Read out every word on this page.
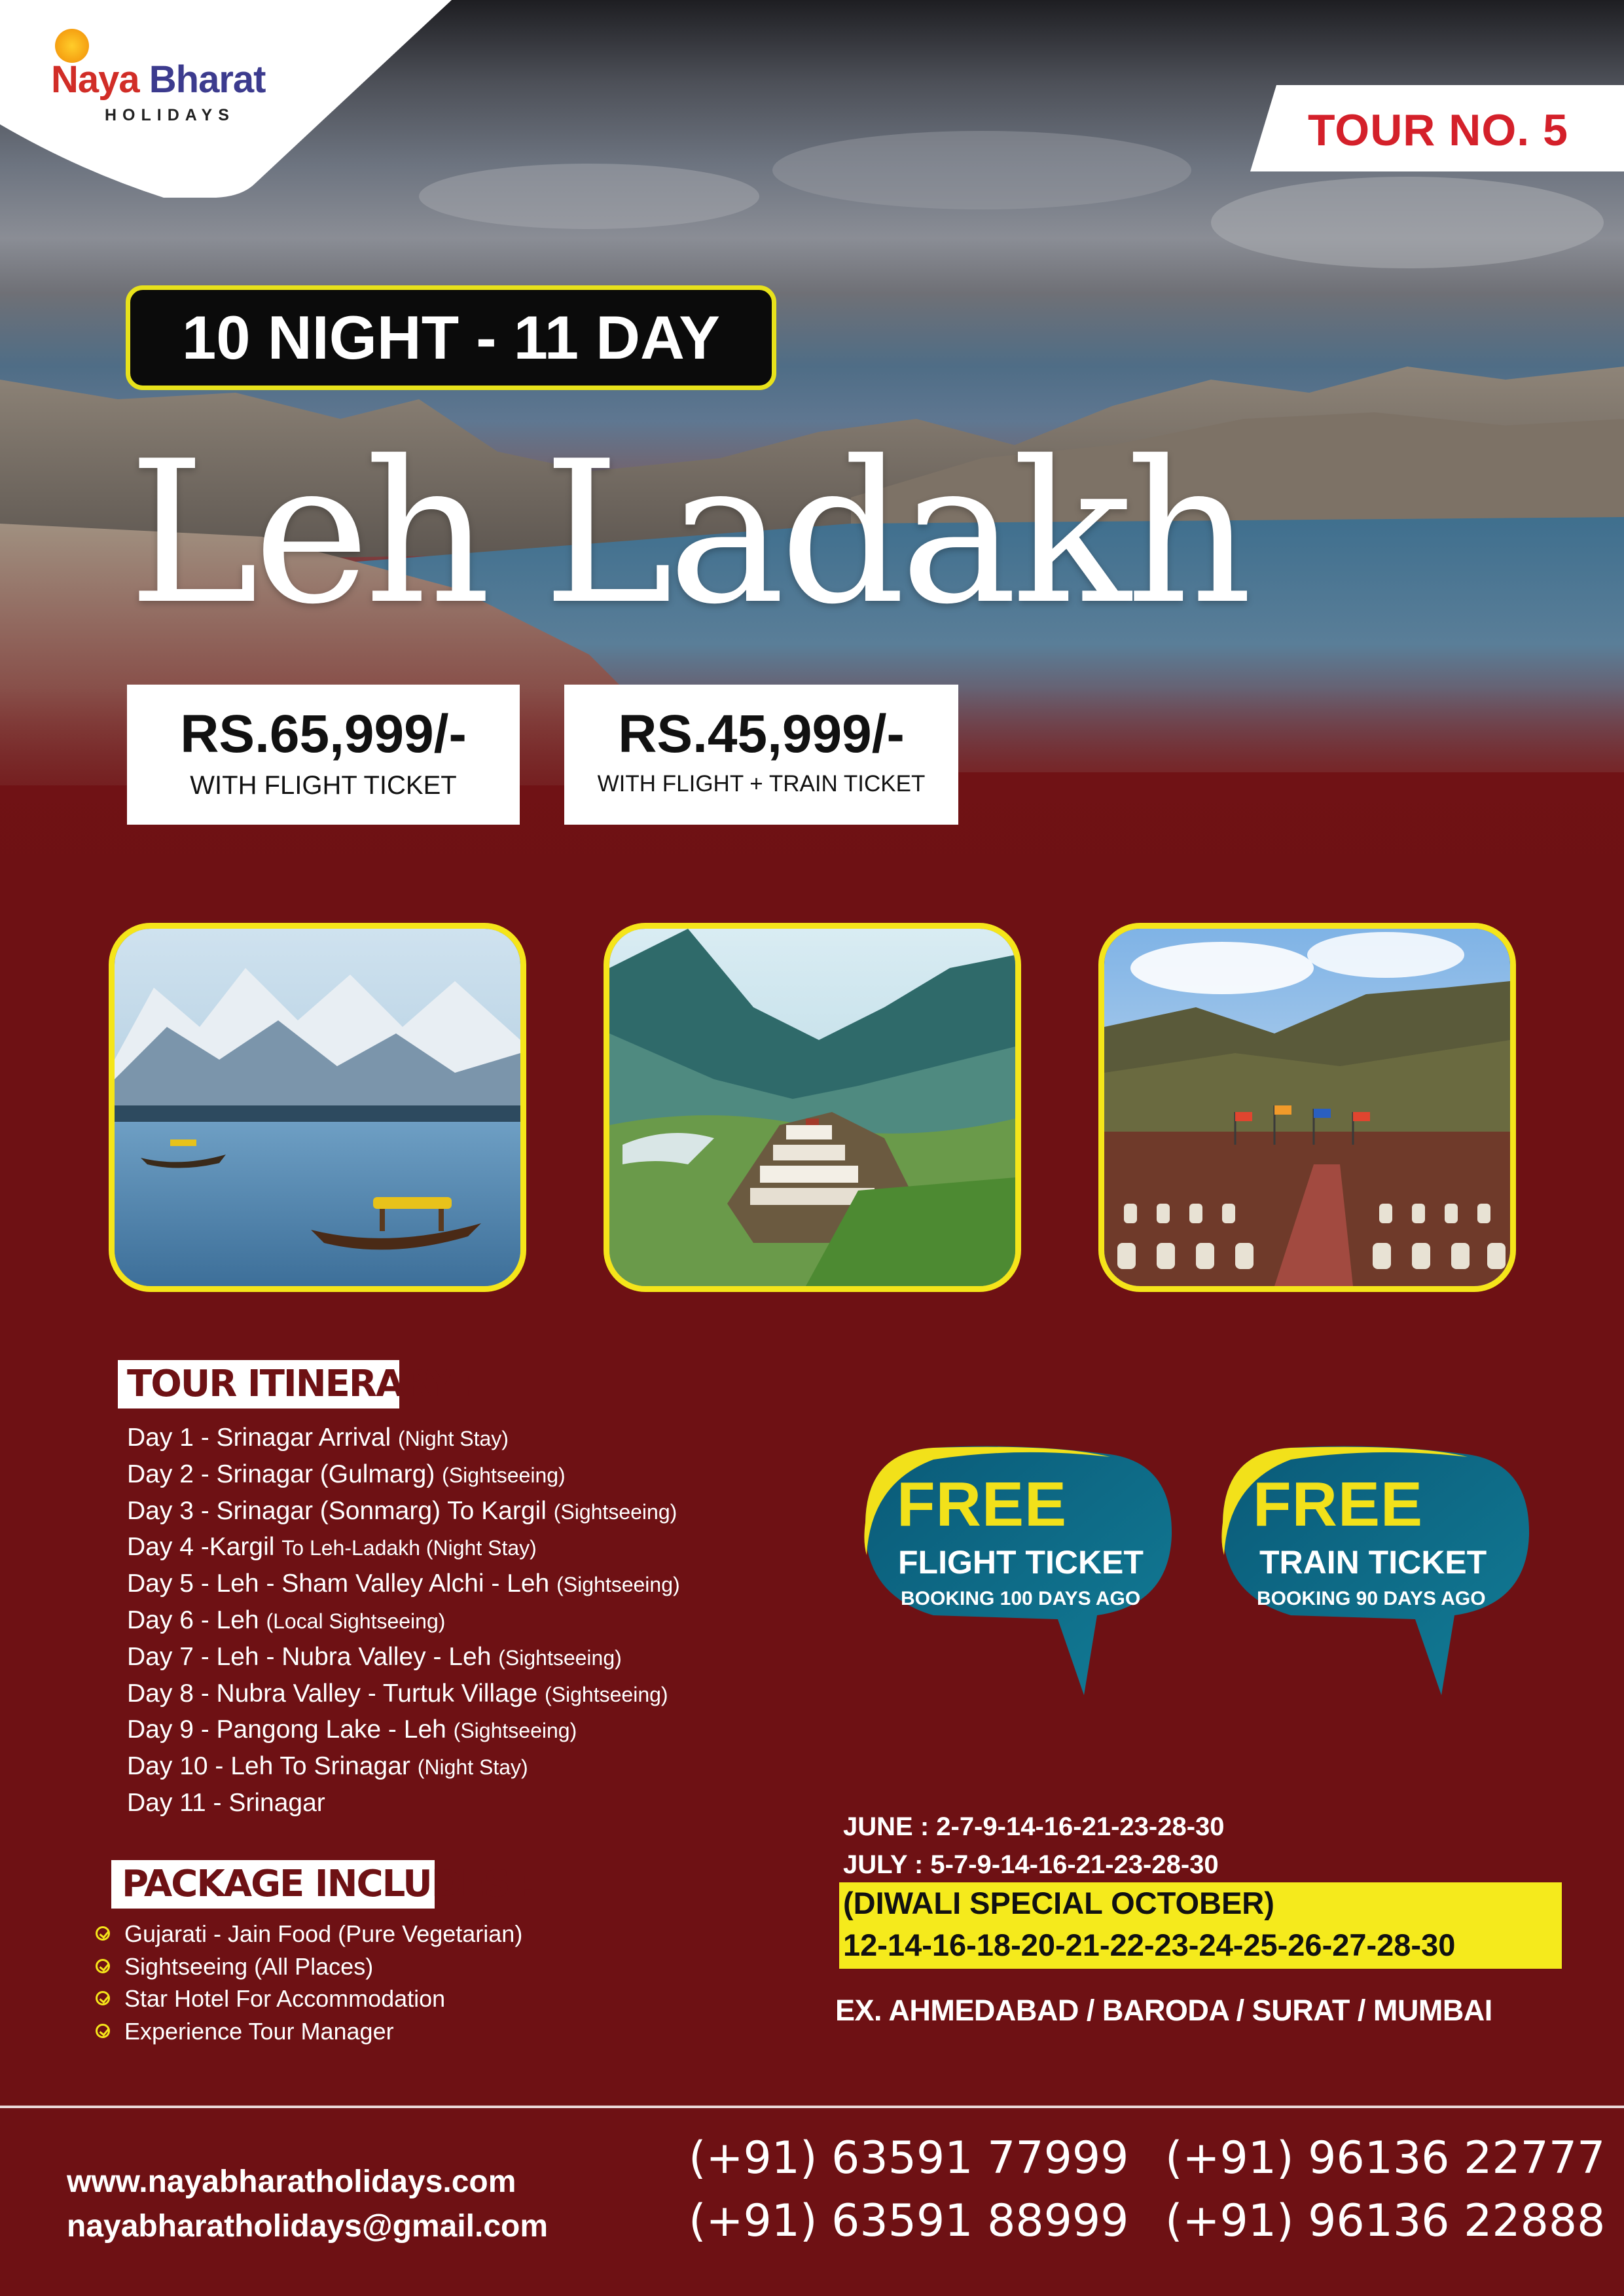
Naya Bharat
HOLIDAYS	TOUR NO. 5
10 NIGHT - 11 DAY
Leh Ladakh
RS.65,999/-
WITH FLIGHT TICKET
RS.45,999/-
WITH FLIGHT + TRAIN TICKET
TOUR ITINERARY :
Day 1 - Srinagar Arrival (Night Stay)
Day 2 - Srinagar (Gulmarg) (Sightseeing)
Day 3 - Srinagar (Sonmarg) To Kargil (Sightseeing)
Day 4 -Kargil To Leh-Ladakh (Night Stay)
Day 5 - Leh - Sham Valley Alchi - Leh (Sightseeing)
Day 6 - Leh (Local Sightseeing)
Day 7 - Leh - Nubra Valley - Leh (Sightseeing)
Day 8 - Nubra Valley - Turtuk Village (Sightseeing)
Day 9 - Pangong Lake - Leh (Sightseeing)
Day 10 - Leh To Srinagar (Night Stay)
Day 11 - Srinagar
PACKAGE INCLUDES :
Gujarati - Jain Food (Pure Vegetarian)
Sightseeing (All Places)
Star Hotel For Accommodation
Experience Tour Manager
FREE
FLIGHT TICKET
BOOKING 100 DAYS AGO
FREE
TRAIN TICKET
BOOKING 90 DAYS AGO
JUNE : 2-7-9-14-16-21-23-28-30
JULY : 5-7-9-14-16-21-23-28-30
(DIWALI SPECIAL OCTOBER)
12-14-16-18-20-21-22-23-24-25-26-27-28-30
EX. AHMEDABAD / BARODA / SURAT / MUMBAI
www.nayabharatholidays.com
nayabharatholidays@gmail.com
(+91) 63591 77999
(+91) 63591 88999
(+91) 96136 22777
(+91) 96136 22888
